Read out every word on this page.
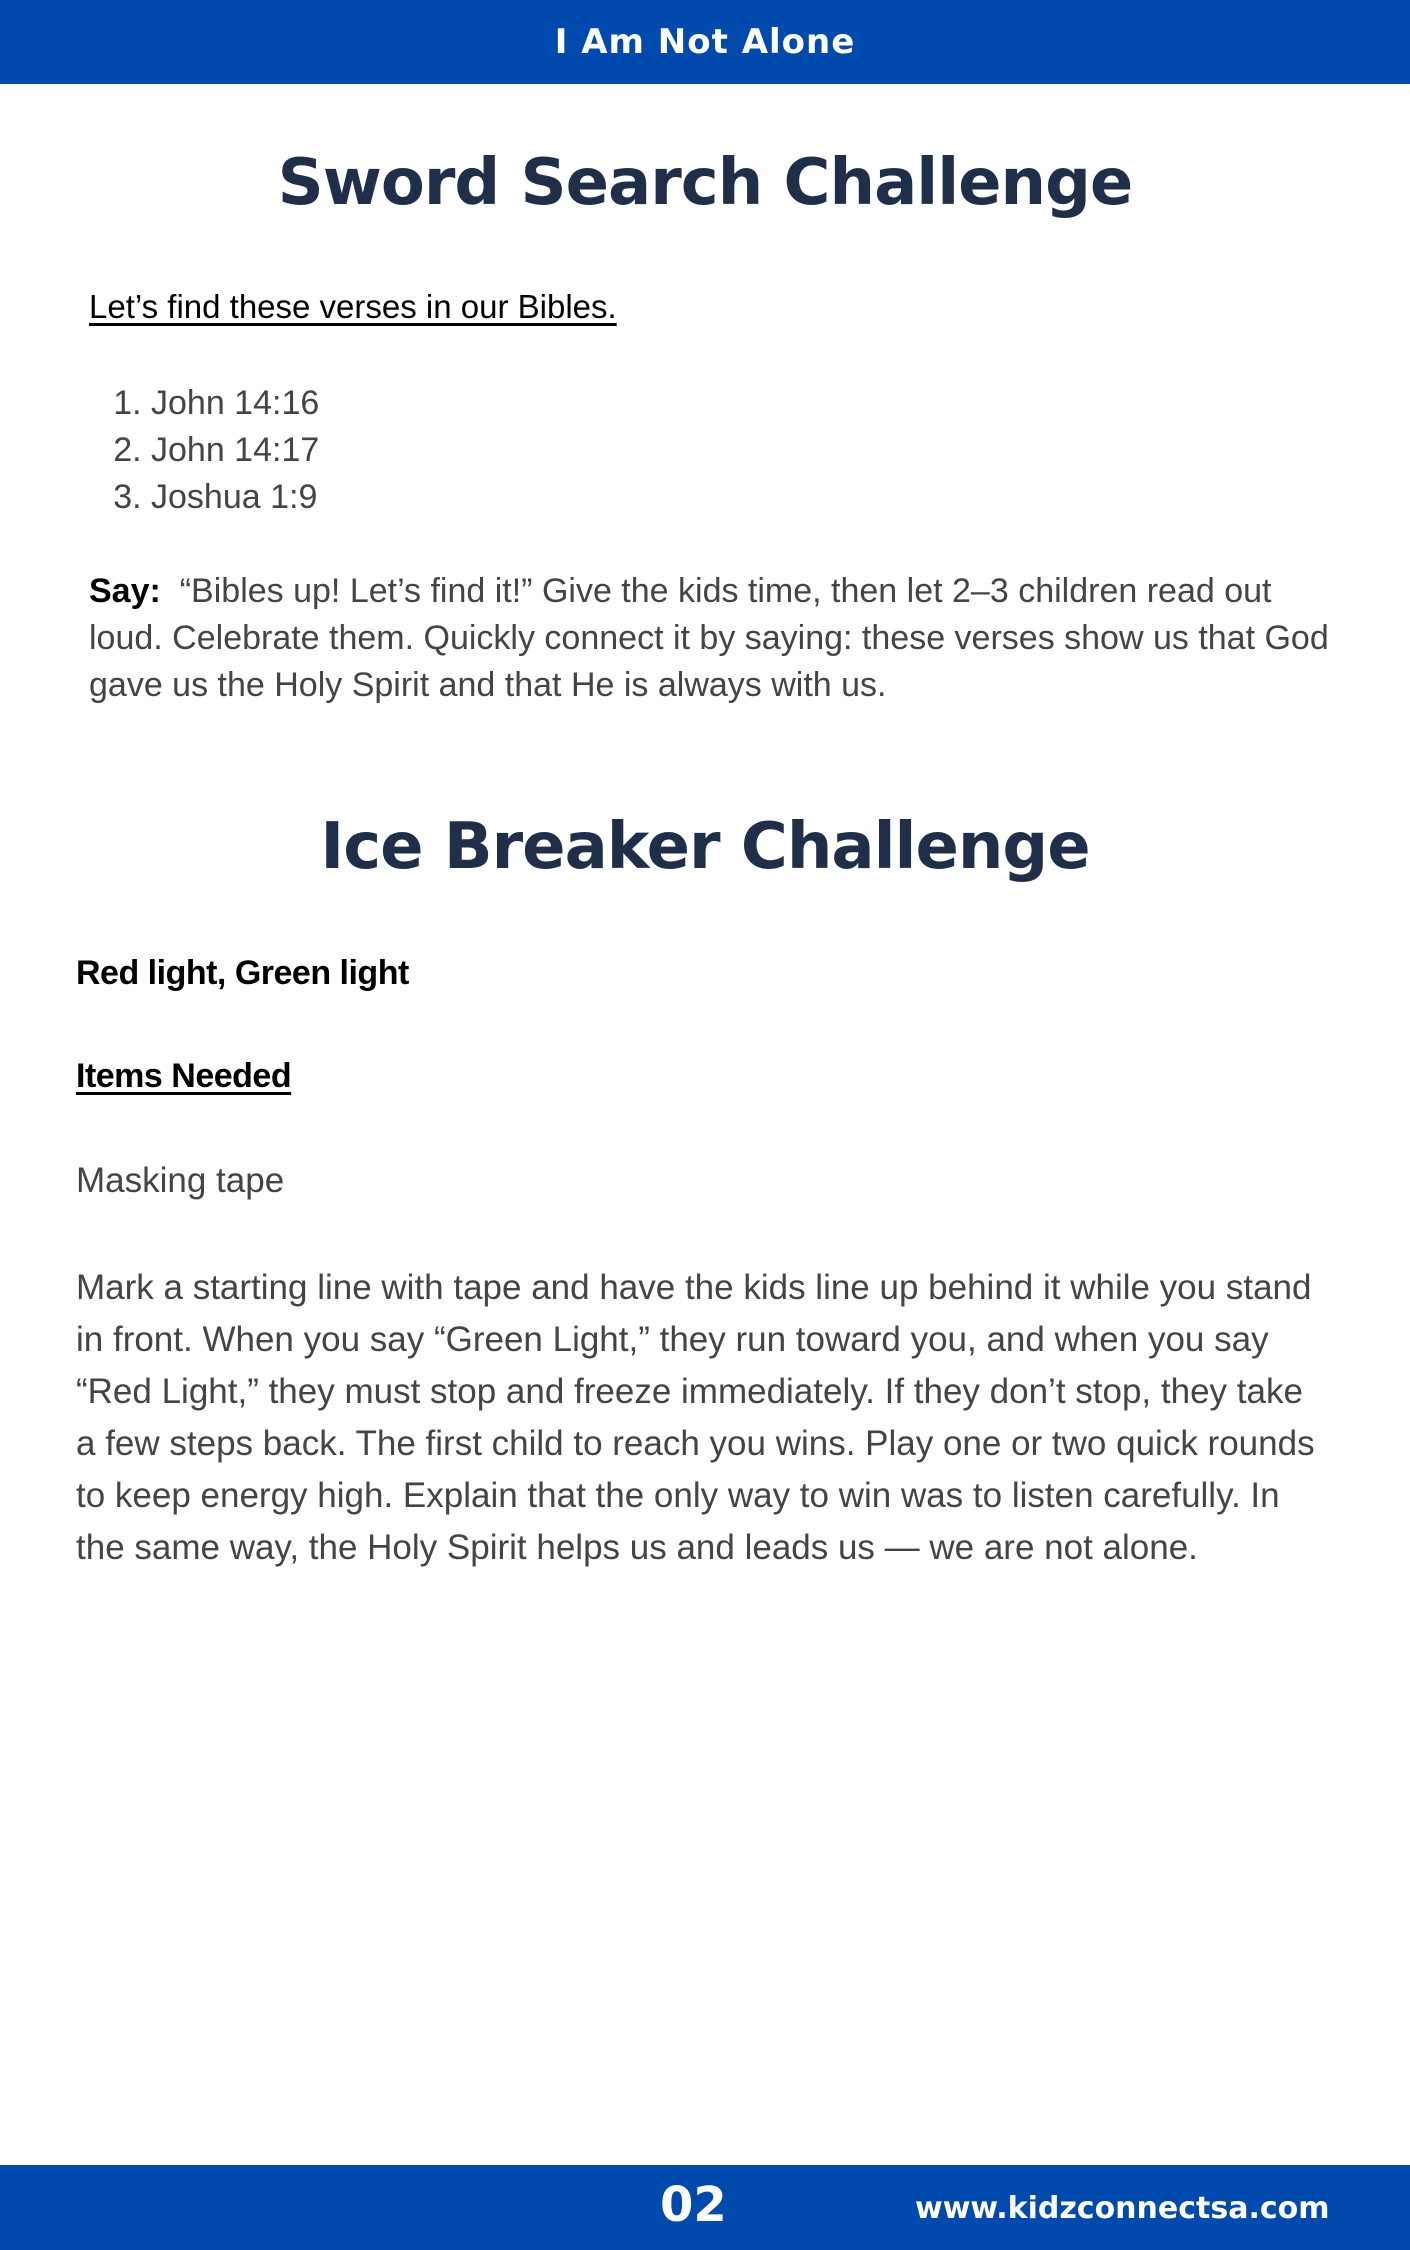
I Am Not Alone
Sword Search Challenge
Let’s find these verses in our Bibles.
1. John 14:16
2. John 14:17
3. Joshua 1:9
Say: “Bibles up! Let’s find it!” Give the kids time, then let 2–3 children read out loud. Celebrate them. Quickly connect it by saying: these verses show us that God gave us the Holy Spirit and that He is always with us.
Ice Breaker Challenge
Red light, Green light
Items Needed
Masking tape
Mark a starting line with tape and have the kids line up behind it while you stand in front. When you say “Green Light,” they run toward you, and when you say “Red Light,” they must stop and freeze immediately. If they don’t stop, they take a few steps back. The first child to reach you wins. Play one or two quick rounds to keep energy high. Explain that the only way to win was to listen carefully. In the same way, the Holy Spirit helps us and leads us — we are not alone.
02	www.kidzconnectsa.com
